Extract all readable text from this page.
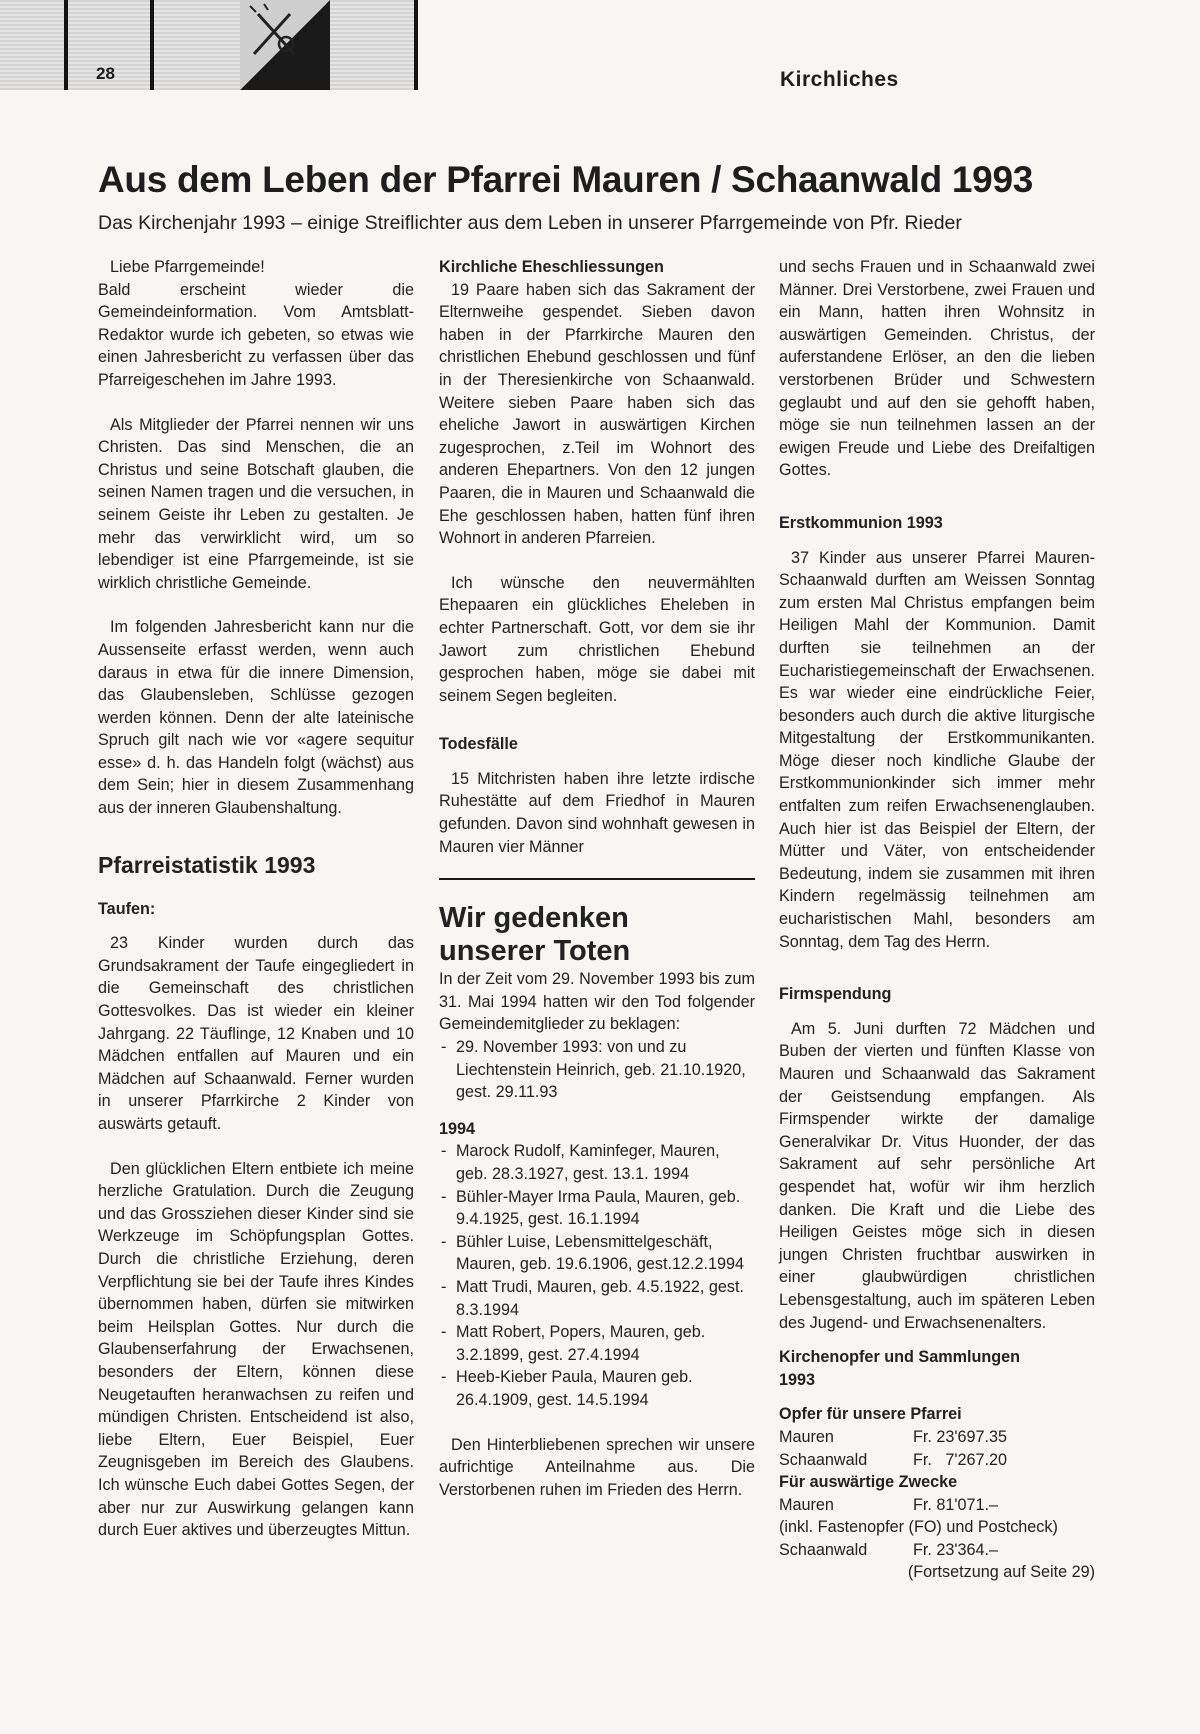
28	Kirchliches
Aus dem Leben der Pfarrei Mauren / Schaanwald 1993
Das Kirchenjahr 1993 – einige Streiflichter aus dem Leben in unserer Pfarrgemeinde von Pfr. Rieder

Liebe Pfarrgemeinde!

Bald erscheint wieder die Gemeindeinformation. Vom Amtsblatt-Redaktor wurde ich gebeten, so etwas wie einen Jahresbericht zu verfassen über das Pfarreigeschehen im Jahre 1993.

Als Mitglieder der Pfarrei nennen wir uns Christen. Das sind Menschen, die an Christus und seine Botschaft glauben, die seinen Namen tragen und die versuchen, in seinem Geiste ihr Leben zu gestalten. Je mehr das verwirklicht wird, um so lebendiger ist eine Pfarrgemeinde, ist sie wirklich christliche Gemeinde.

Im folgenden Jahresbericht kann nur die Aussenseite erfasst werden, wenn auch daraus in etwa für die innere Dimension, das Glaubensleben, Schlüsse gezogen werden können. Denn der alte lateinische Spruch gilt nach wie vor «agere sequitur esse» d. h. das Handeln folgt (wächst) aus dem Sein; hier in diesem Zusammenhang aus der inneren Glaubenshaltung.

Pfarreistatistik 1993
Taufen:

23 Kinder wurden durch das Grundsakrament der Taufe eingegliedert in die Gemeinschaft des christlichen Gottesvolkes. Das ist wieder ein kleiner Jahrgang. 22 Täuflinge, 12 Knaben und 10 Mädchen entfallen auf Mauren und ein Mädchen auf Schaanwald. Ferner wurden in unserer Pfarrkirche 2 Kinder von auswärts getauft.

Den glücklichen Eltern entbiete ich meine herzliche Gratulation. Durch die Zeugung und das Grossziehen dieser Kinder sind sie Werkzeuge im Schöpfungsplan Gottes. Durch die christliche Erziehung, deren Verpflichtung sie bei der Taufe ihres Kindes übernommen haben, dürfen sie mitwirken beim Heilsplan Gottes. Nur durch die Glaubenserfahrung der Erwachsenen, besonders der Eltern, können diese Neugetauften heranwachsen zu reifen und mündigen Christen. Entscheidend ist also, liebe Eltern, Euer Beispiel, Euer Zeugnisgeben im Bereich des Glaubens. Ich wünsche Euch dabei Gottes Segen, der aber nur zur Auswirkung gelangen kann durch Euer aktives und überzeugtes Mittun.

Kirchliche Eheschliessungen

19 Paare haben sich das Sakrament der Elternweihe gespendet. Sieben davon haben in der Pfarrkirche Mauren den christlichen Ehebund geschlossen und fünf in der Theresienkirche von Schaanwald. Weitere sieben Paare haben sich das eheliche Jawort in auswärtigen Kirchen zugesprochen, z.Teil im Wohnort des anderen Ehepartners. Von den 12 jungen Paaren, die in Mauren und Schaanwald die Ehe geschlossen haben, hatten fünf ihren Wohnort in anderen Pfarreien.

Ich wünsche den neuvermählten Ehepaaren ein glückliches Eheleben in echter Partnerschaft. Gott, vor dem sie ihr Jawort zum christlichen Ehebund gesprochen haben, möge sie dabei mit seinem Segen begleiten.

Todesfälle

15 Mitchristen haben ihre letzte irdische Ruhestätte auf dem Friedhof in Mauren gefunden. Davon sind wohnhaft gewesen in Mauren vier Männer

Wir gedenken
unserer Toten

In der Zeit vom 29. November 1993 bis zum 31. Mai 1994 hatten wir den Tod folgender Gemeindemitglieder zu beklagen:

- 29. November 1993: von und zu Liechtenstein Heinrich, geb. 21.10.1920, gest. 29.11.93
1994
- Marock Rudolf, Kaminfeger, Mauren, geb. 28.3.1927, gest. 13.1. 1994
- Bühler-Mayer Irma Paula, Mauren, geb. 9.4.1925, gest. 16.1.1994
- Bühler Luise, Lebensmittelgeschäft, Mauren, geb. 19.6.1906, gest.12.2.1994
- Matt Trudi, Mauren, geb. 4.5.1922, gest. 8.3.1994
- Matt Robert, Popers, Mauren, geb. 3.2.1899, gest. 27.4.1994
- Heeb-Kieber Paula, Mauren geb. 26.4.1909, gest. 14.5.1994

Den Hinterbliebenen sprechen wir unsere aufrichtige Anteilnahme aus. Die Verstorbenen ruhen im Frieden des Herrn.

und sechs Frauen und in Schaanwald zwei Männer. Drei Verstorbene, zwei Frauen und ein Mann, hatten ihren Wohnsitz in auswärtigen Gemeinden. Christus, der auferstandene Erlöser, an den die lieben verstorbenen Brüder und Schwestern geglaubt und auf den sie gehofft haben, möge sie nun teilnehmen lassen an der ewigen Freude und Liebe des Dreifaltigen Gottes.

Erstkommunion 1993

37 Kinder aus unserer Pfarrei Mauren-Schaanwald durften am Weissen Sonntag zum ersten Mal Christus empfangen beim Heiligen Mahl der Kommunion. Damit durften sie teilnehmen an der Eucharistiegemeinschaft der Erwachsenen. Es war wieder eine eindrückliche Feier, besonders auch durch die aktive liturgische Mitgestaltung der Erstkommunikanten. Möge dieser noch kindliche Glaube der Erstkommunionkinder sich immer mehr entfalten zum reifen Erwachsenenglauben. Auch hier ist das Beispiel der Eltern, der Mütter und Väter, von entscheidender Bedeutung, indem sie zusammen mit ihren Kindern regelmässig teilnehmen am eucharistischen Mahl, besonders am Sonntag, dem Tag des Herrn.

Firmspendung

Am 5. Juni durften 72 Mädchen und Buben der vierten und fünften Klasse von Mauren und Schaanwald das Sakrament der Geistsendung empfangen. Als Firmspender wirkte der damalige Generalvikar Dr. Vitus Huonder, der das Sakrament auf sehr persönliche Art gespendet hat, wofür wir ihm herzlich danken. Die Kraft und die Liebe des Heiligen Geistes möge sich in diesen jungen Christen fruchtbar auswirken in einer glaubwürdigen christlichen Lebensgestaltung, auch im späteren Leben des Jugend- und Erwachsenenalters.

Kirchenopfer und Sammlungen
1993
Opfer für unsere Pfarrei
Mauren	Fr. 23'697.35
Schaanwald	Fr.   7'267.20
Für auswärtige Zwecke
Mauren	Fr. 81'071.–
(inkl. Fastenopfer (FO) und Postcheck)
Schaanwald	Fr. 23'364.–
(Fortsetzung auf Seite 29)
